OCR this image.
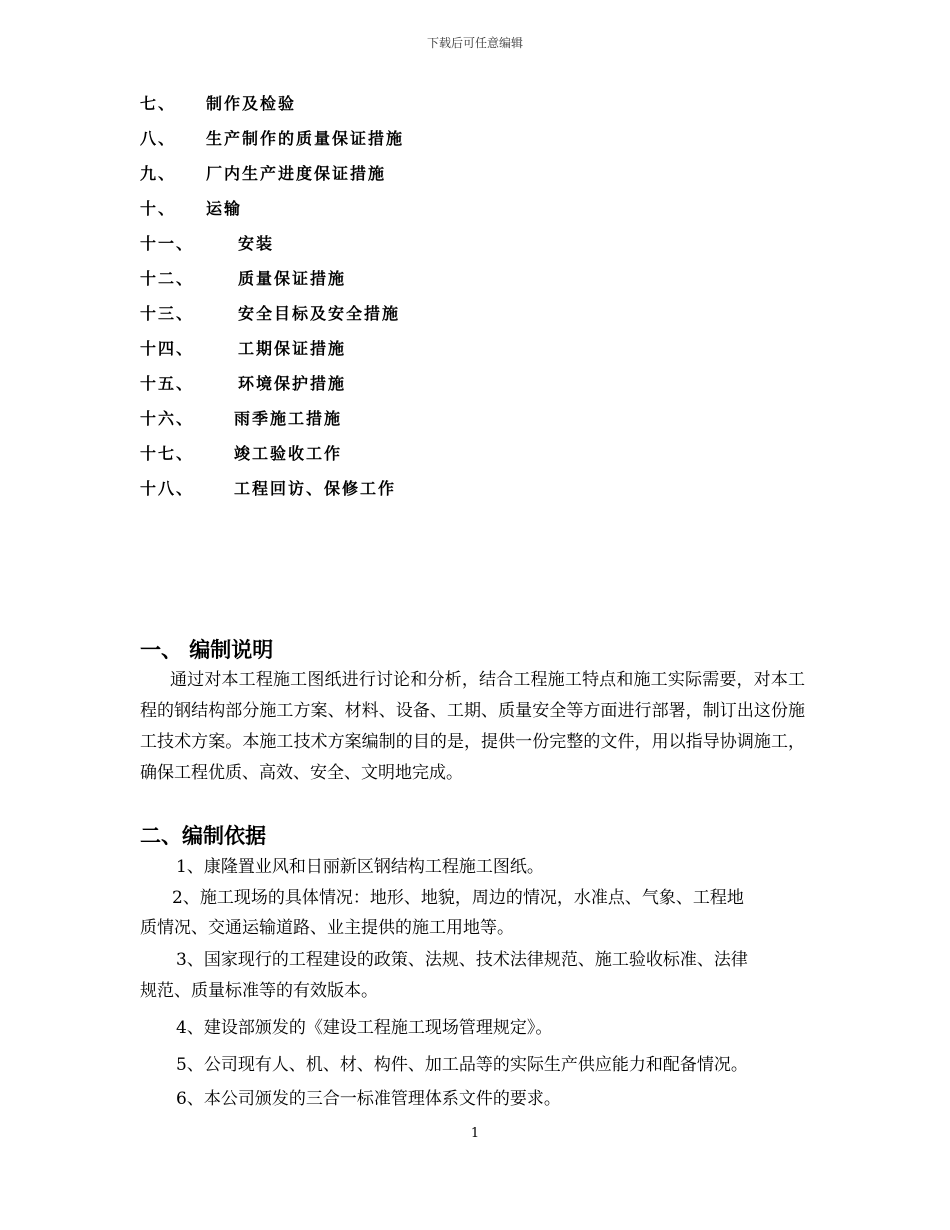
下载后可任意编辑
七、 制作及检验
八、 生产制作的质量保证措施
九、 厂内生产进度保证措施
十、 运输
十一、	安装
十二、	质量保证措施
十三、	安全目标及安全措施
十四、	工期保证措施
十五、	环境保护措施
十六、 雨季施工措施
十七、 竣工验收工作
十八、 工程回访、保修工作
一、 编制说明
通过对本工程施工图纸进行讨论和分析，结合工程施工特点和施工实际需要，对本工程的钢结构部分施工方案、材料、设备、工期、质量安全等方面进行部署，制订出这份施工技术方案。本施工技术方案编制的目的是，提供一份完整的文件，用以指导协调施工，确保工程优质、高效、安全、文明地完成。
二、编制依据
1、康隆置业风和日丽新区钢结构工程施工图纸。
2、施工现场的具体情况：地形、地貌，周边的情况，水准点、气象、工程地
质情况、交通运输道路、业主提供的施工用地等。
3、国家现行的工程建设的政策、法规、技术法律规范、施工验收标准、法律
规范、质量标准等的有效版本。
4、建设部颁发的《建设工程施工现场管理规定》。
5、公司现有人、机、材、构件、加工品等的实际生产供应能力和配备情况。
6、本公司颁发的三合一标准管理体系文件的要求。
1
